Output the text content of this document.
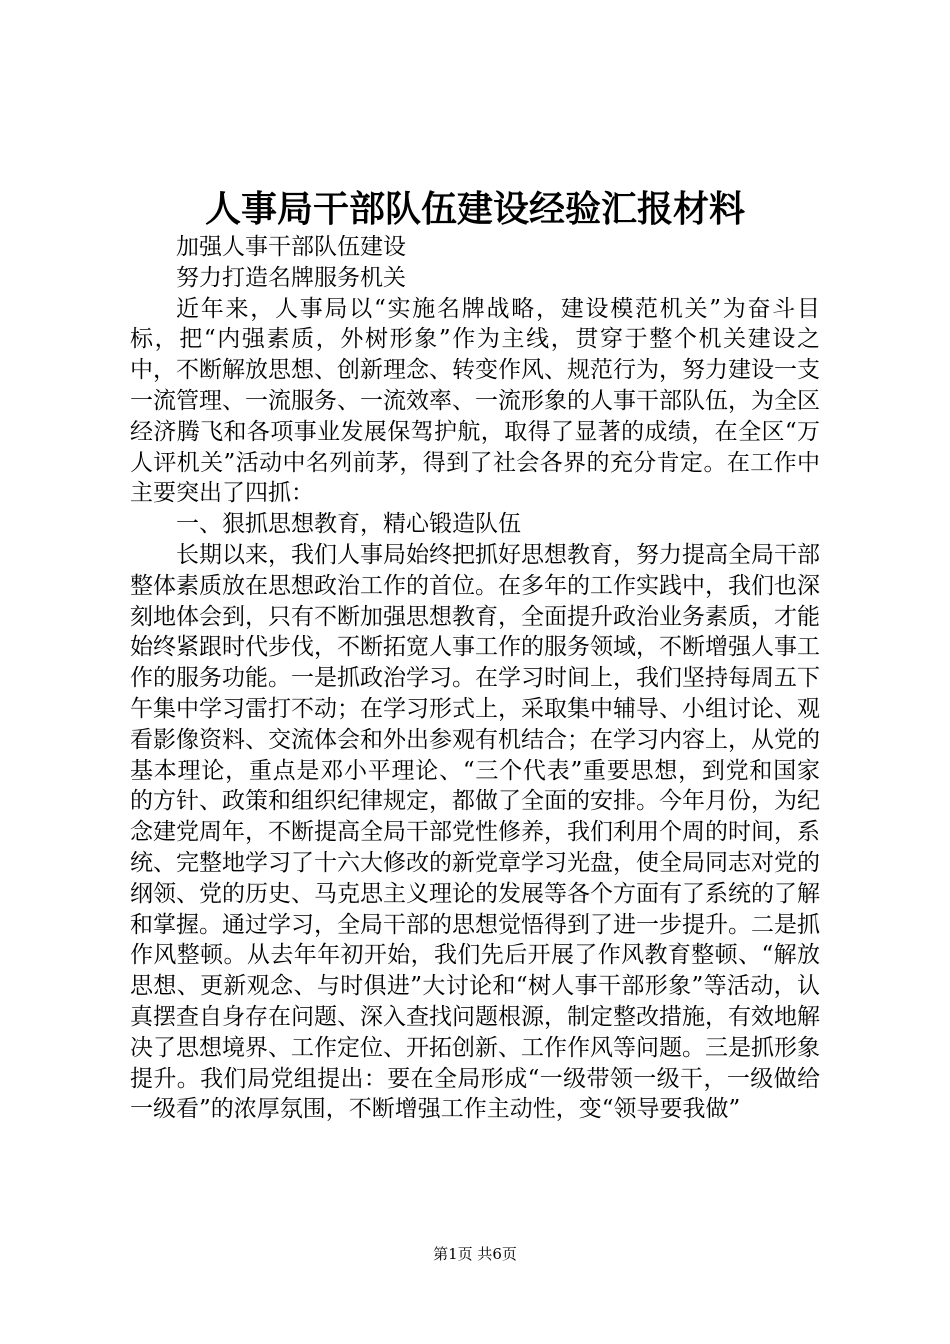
人事局干部队伍建设经验汇报材料

加强人事干部队伍建设

努力打造名牌服务机关

近年来，人事局以“实施名牌战略，建设模范机关”为奋斗目标，把“内强素质，外树形象”作为主线，贯穿于整个机关建设之中，不断解放思想、创新理念、转变作风、规范行为，努力建设一支一流管理、一流服务、一流效率、一流形象的人事干部队伍，为全区经济腾飞和各项事业发展保驾护航，取得了显著的成绩，在全区“万人评机关”活动中名列前茅，得到了社会各界的充分肯定。在工作中主要突出了四抓：

一、狠抓思想教育，精心锻造队伍

长期以来，我们人事局始终把抓好思想教育，努力提高全局干部整体素质放在思想政治工作的首位。在多年的工作实践中，我们也深刻地体会到，只有不断加强思想教育，全面提升政治业务素质，才能始终紧跟时代步伐，不断拓宽人事工作的服务领域，不断增强人事工作的服务功能。一是抓政治学习。在学习时间上，我们坚持每周五下午集中学习雷打不动；在学习形式上，采取集中辅导、小组讨论、观看影像资料、交流体会和外出参观有机结合；在学习内容上，从党的基本理论，重点是邓小平理论、“三个代表”重要思想，到党和国家的方针、政策和组织纪律规定，都做了全面的安排。今年月份，为纪念建党周年，不断提高全局干部党性修养，我们利用个周的时间，系统、完整地学习了十六大修改的新党章学习光盘，使全局同志对党的纲领、党的历史、马克思主义理论的发展等各个方面有了系统的了解和掌握。通过学习，全局干部的思想觉悟得到了进一步提升。二是抓作风整顿。从去年年初开始，我们先后开展了作风教育整顿、“解放思想、更新观念、与时俱进”大讨论和“树人事干部形象”等活动，认真摆查自身存在问题、深入查找问题根源，制定整改措施，有效地解决了思想境界、工作定位、开拓创新、工作作风等问题。三是抓形象提升。我们局党组提出：要在全局形成“一级带领一级干，一级做给一级看”的浓厚氛围，不断增强工作主动性，变“领导要我做”

第1页 共6页
